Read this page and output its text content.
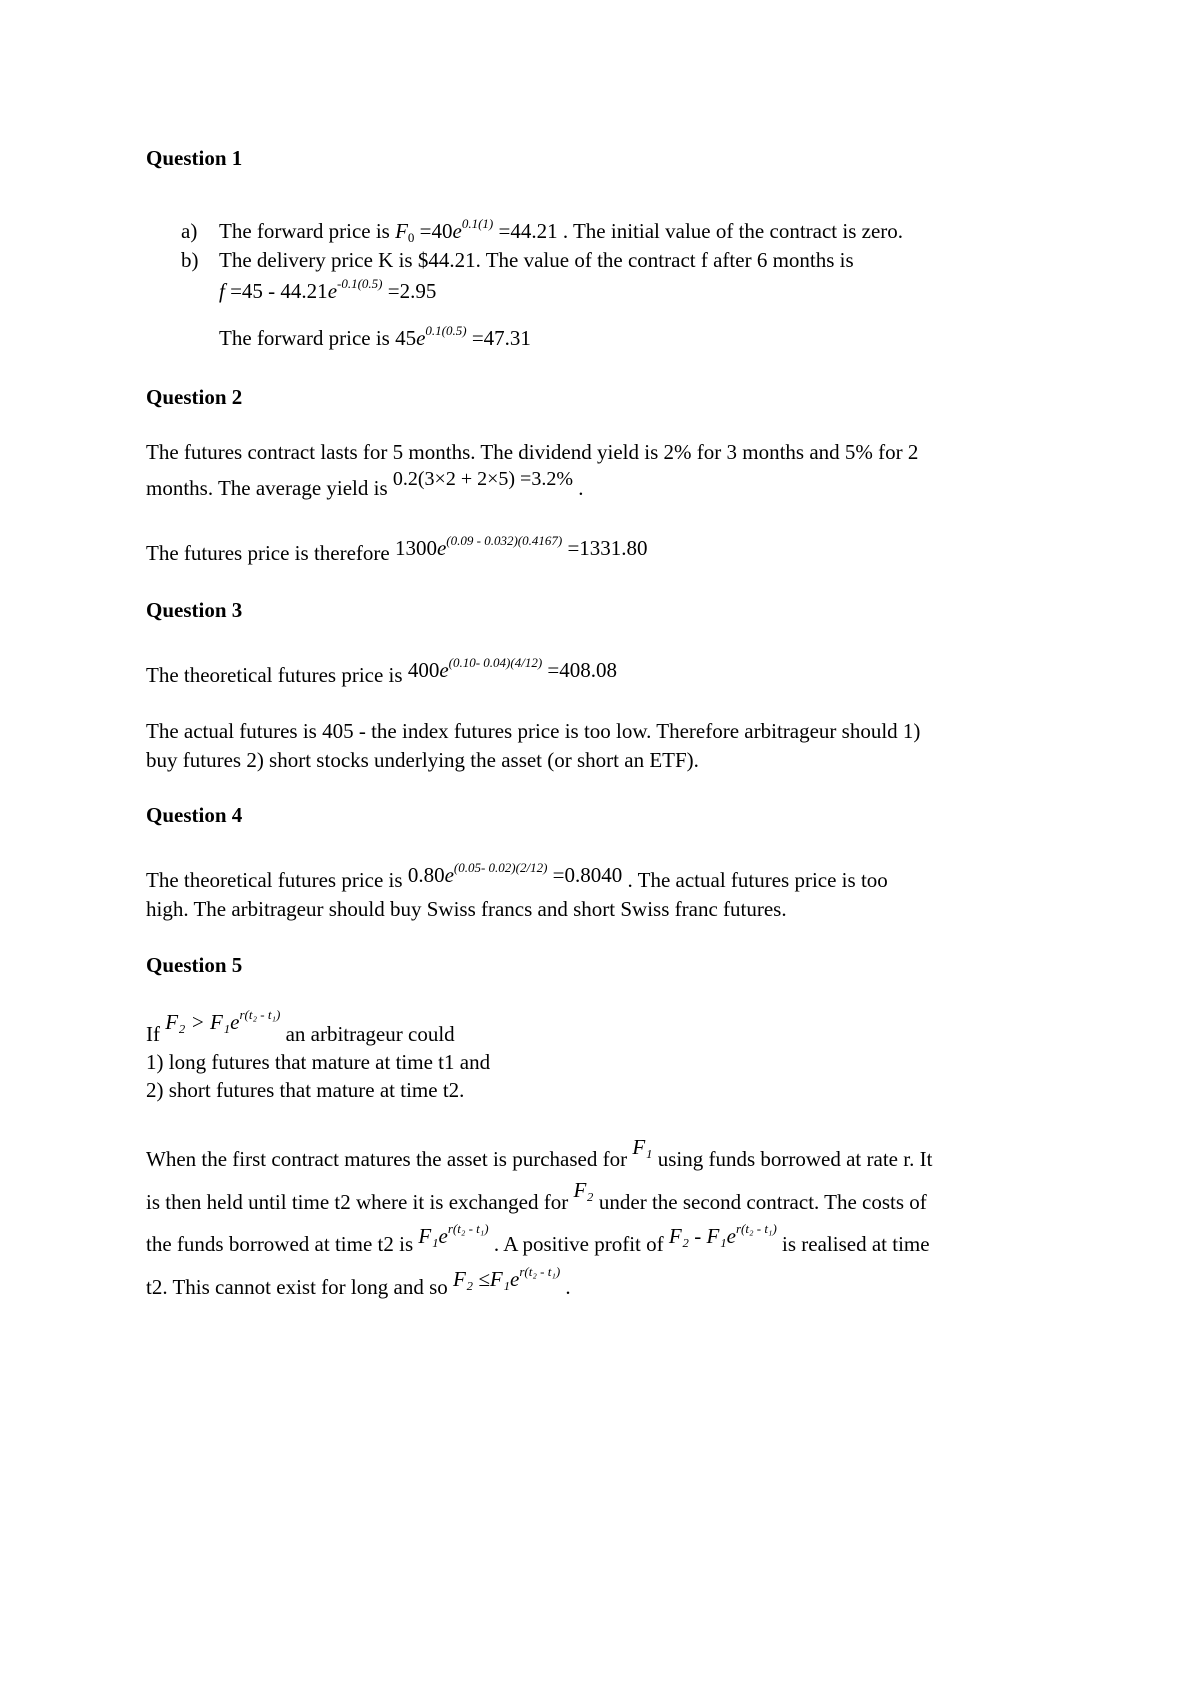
Question 1
a) The forward price is $F_0 =40e^{0.1(1)} =44.21$ . The initial value of the contract is zero.
b) The delivery price K is $44.21. The value of the contract f after 6 months is
$f =45 - 44.21e^{-0.1(0.5)} =2.95$
The forward price is $45e^{0.1(0.5)} =47.31$
Question 2
The futures contract lasts for 5 months. The dividend yield is 2% for 3 months and 5% for 2
months. The average yield is 0.2(3×2 + 2×5) =3.2% .
The futures price is therefore $1300e^{(0.09 - 0.032)(0.4167)} =1331.80$
Question 3
The theoretical futures price is $400e^{(0.10- 0.04)(4/12)} =408.08$
The actual futures is 405 - the index futures price is too low. Therefore arbitrageur should 1)
buy futures 2) short stocks underlying the asset (or short an ETF).
Question 4
The theoretical futures price is $0.80e^{(0.05- 0.02)(2/12)} =0.8040$ . The actual futures price is too
high. The arbitrageur should buy Swiss francs and short Swiss franc futures.
Question 5
If $F_2 > F_1e^{r(t_2 - t_1)}$ an arbitrageur could
1) long futures that mature at time t1 and
2) short futures that mature at time t2.
When the first contract matures the asset is purchased for F₁ using funds borrowed at rate r. It
is then held until time t2 where it is exchanged for F₂ under the second contract. The costs of
the funds borrowed at time t2 is $F_1e^{r(t_2 - t_1)}$ . A positive profit of $F_2 - F_1e^{r(t_2 - t_1)}$ is realised at time
t2. This cannot exist for long and so $F_2 \le F_1e^{r(t_2 - t_1)}$ .
